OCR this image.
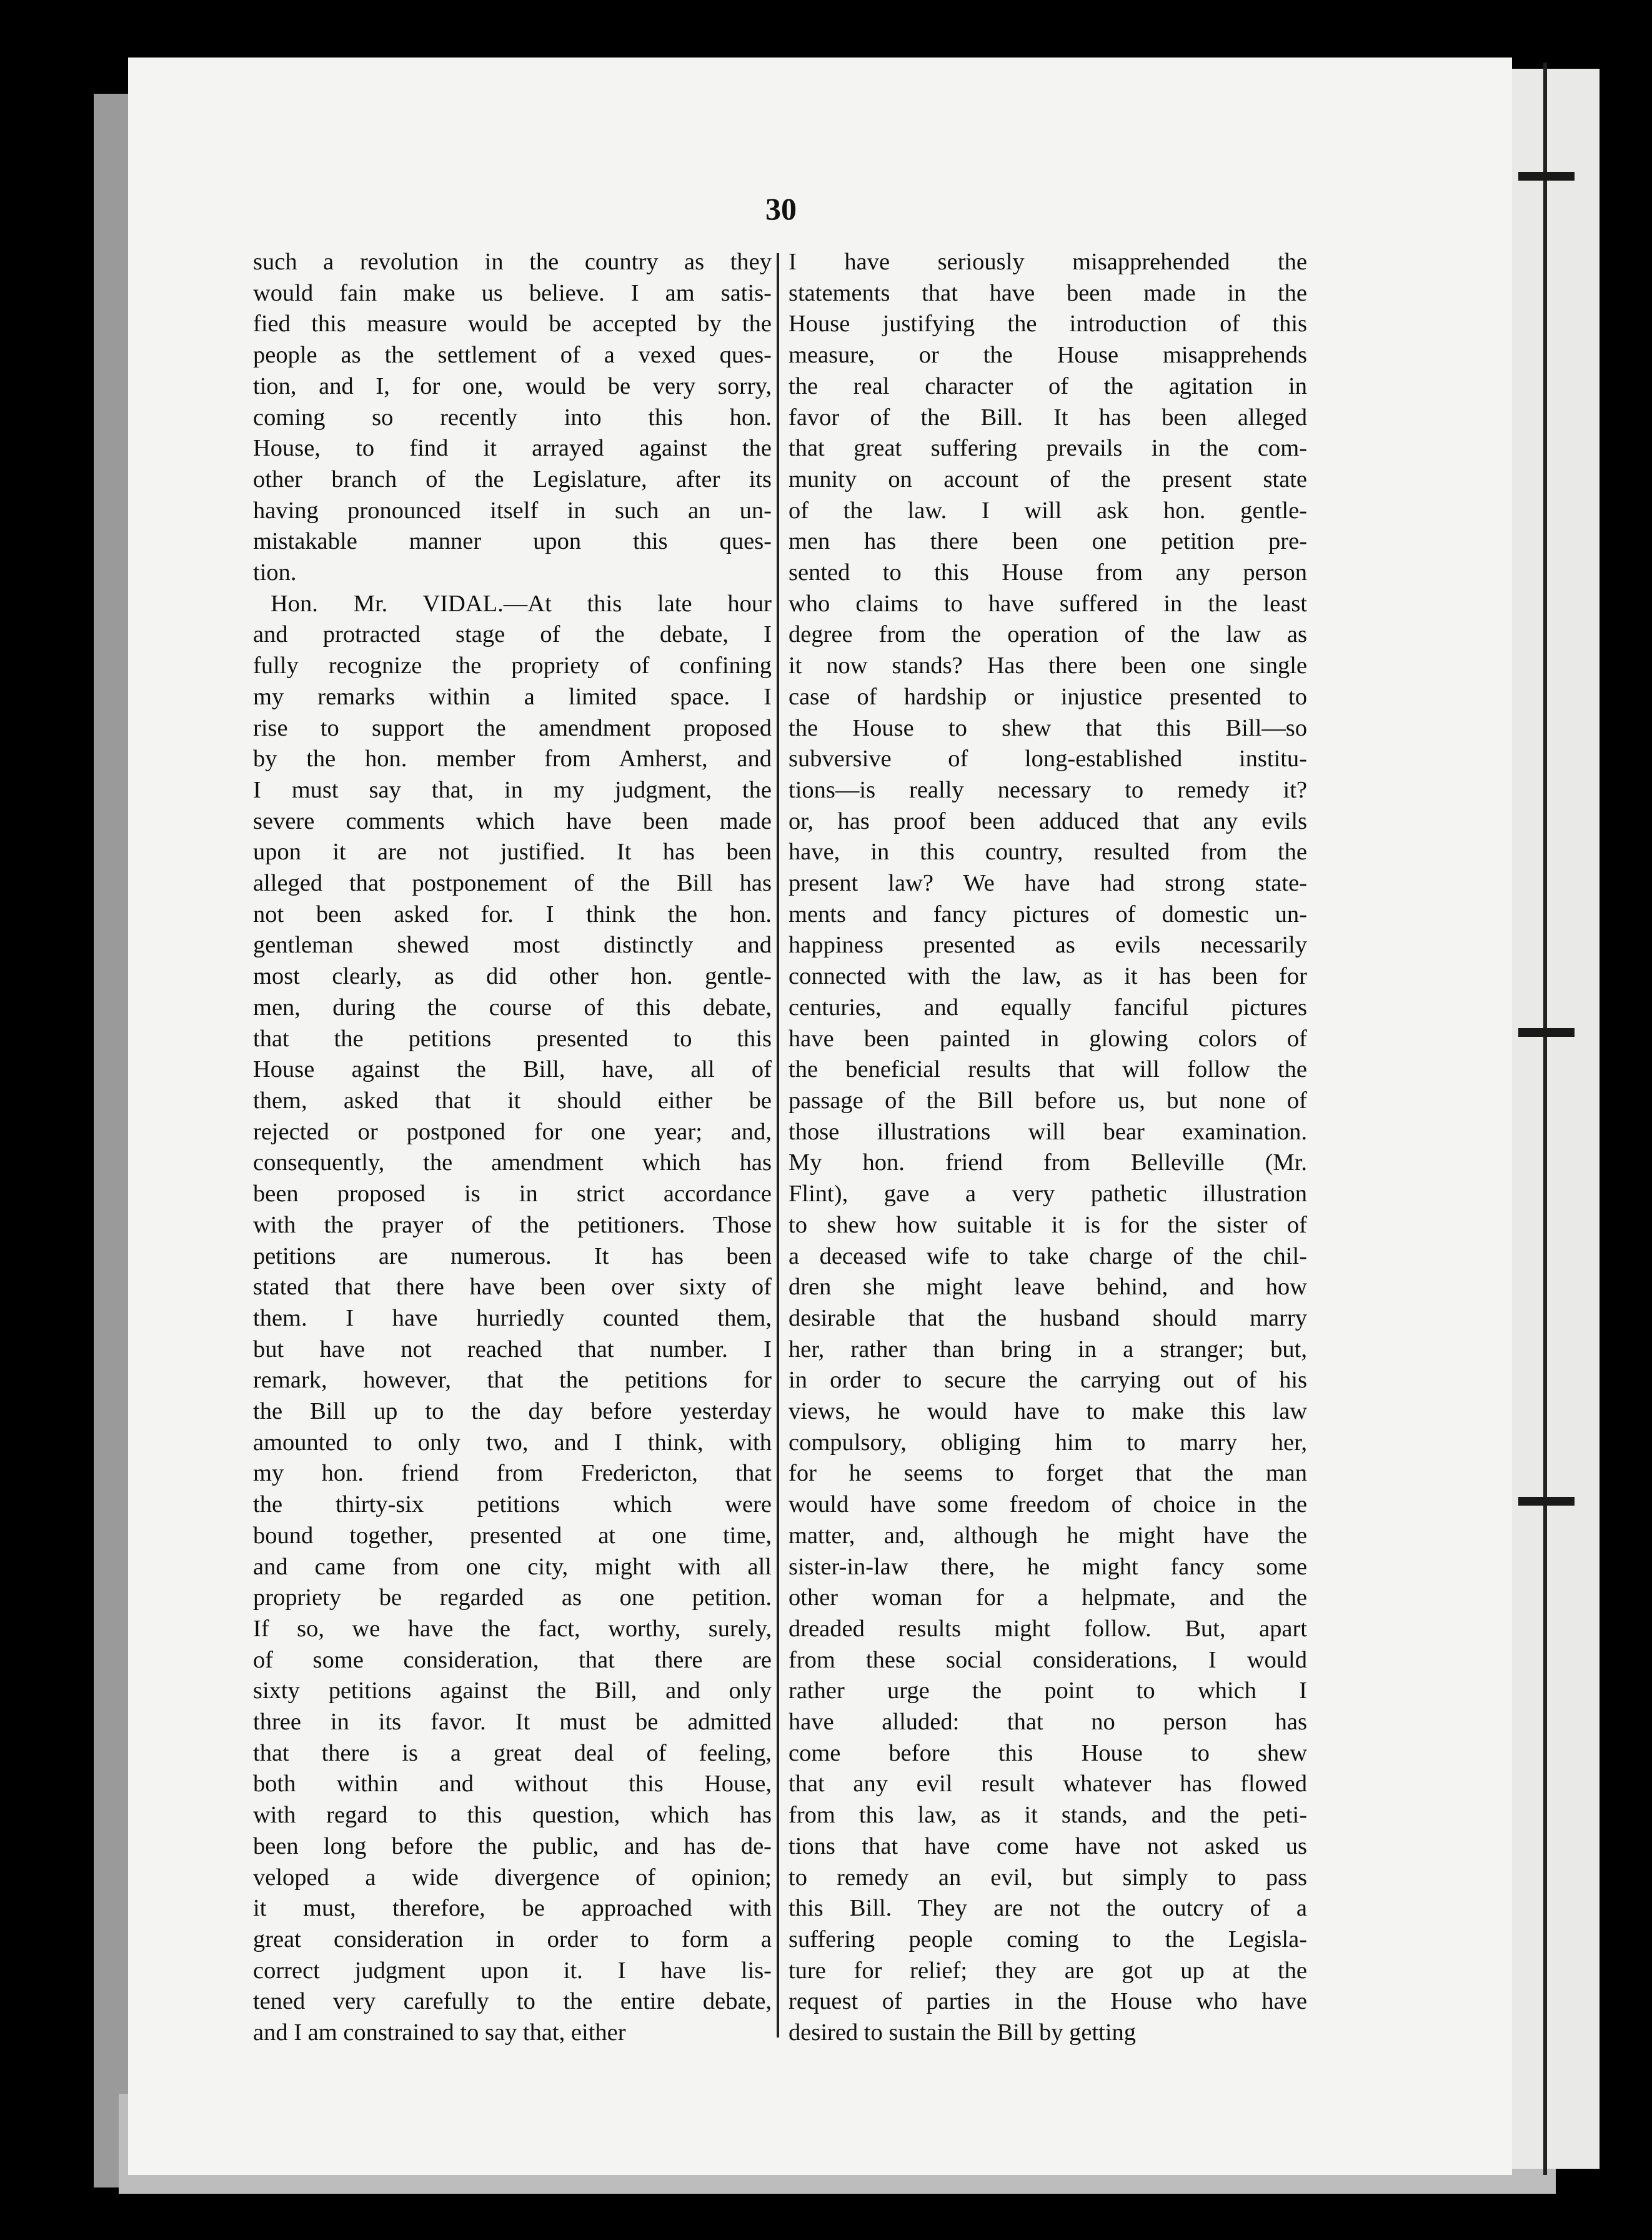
30
such a revolution in the country as they
would fain make us believe. I am satis-
fied this measure would be accepted by the
people as the settlement of a vexed ques-
tion, and I, for one, would be very sorry,
coming so recently into this hon.
House, to find it arrayed against the
other branch of the Legislature, after its
having pronounced itself in such an un-
mistakable manner upon this ques-
tion.
Hon. Mr. VIDAL.—At this late hour
and protracted stage of the debate, I
fully recognize the propriety of confining
my remarks within a limited space. I
rise to support the amendment proposed
by the hon. member from Amherst, and
I must say that, in my judgment, the
severe comments which have been made
upon it are not justified. It has been
alleged that postponement of the Bill has
not been asked for. I think the hon.
gentleman shewed most distinctly and
most clearly, as did other hon. gentle-
men, during the course of this debate,
that the petitions presented to this
House against the Bill, have, all of
them, asked that it should either be
rejected or postponed for one year; and,
consequently, the amendment which has
been proposed is in strict accordance
with the prayer of the petitioners. Those
petitions are numerous. It has been
stated that there have been over sixty of
them. I have hurriedly counted them,
but have not reached that number. I
remark, however, that the petitions for
the Bill up to the day before yesterday
amounted to only two, and I think, with
my hon. friend from Fredericton, that
the thirty-six petitions which were
bound together, presented at one time,
and came from one city, might with all
propriety be regarded as one petition.
If so, we have the fact, worthy, surely,
of some consideration, that there are
sixty petitions against the Bill, and only
three in its favor. It must be admitted
that there is a great deal of feeling,
both within and without this House,
with regard to this question, which has
been long before the public, and has de-
veloped a wide divergence of opinion;
it must, therefore, be approached with
great consideration in order to form a
correct judgment upon it. I have lis-
tened very carefully to the entire debate,
and I am constrained to say that, either
I have seriously misapprehended the
statements that have been made in the
House justifying the introduction of this
measure, or the House misapprehends
the real character of the agitation in
favor of the Bill. It has been alleged
that great suffering prevails in the com-
munity on account of the present state
of the law. I will ask hon. gentle-
men has there been one petition pre-
sented to this House from any person
who claims to have suffered in the least
degree from the operation of the law as
it now stands? Has there been one single
case of hardship or injustice presented to
the House to shew that this Bill—so
subversive of long-established institu-
tions—is really necessary to remedy it?
or, has proof been adduced that any evils
have, in this country, resulted from the
present law? We have had strong state-
ments and fancy pictures of domestic un-
happiness presented as evils necessarily
connected with the law, as it has been for
centuries, and equally fanciful pictures
have been painted in glowing colors of
the beneficial results that will follow the
passage of the Bill before us, but none of
those illustrations will bear examination.
My hon. friend from Belleville (Mr.
Flint), gave a very pathetic illustration
to shew how suitable it is for the sister of
a deceased wife to take charge of the chil-
dren she might leave behind, and how
desirable that the husband should marry
her, rather than bring in a stranger; but,
in order to secure the carrying out of his
views, he would have to make this law
compulsory, obliging him to marry her,
for he seems to forget that the man
would have some freedom of choice in the
matter, and, although he might have the
sister-in-law there, he might fancy some
other woman for a helpmate, and the
dreaded results might follow. But, apart
from these social considerations, I would
rather urge the point to which I
have alluded: that no person has
come before this House to shew
that any evil result whatever has flowed
from this law, as it stands, and the peti-
tions that have come have not asked us
to remedy an evil, but simply to pass
this Bill. They are not the outcry of a
suffering people coming to the Legisla-
ture for relief; they are got up at the
request of parties in the House who have
desired to sustain the Bill by getting
